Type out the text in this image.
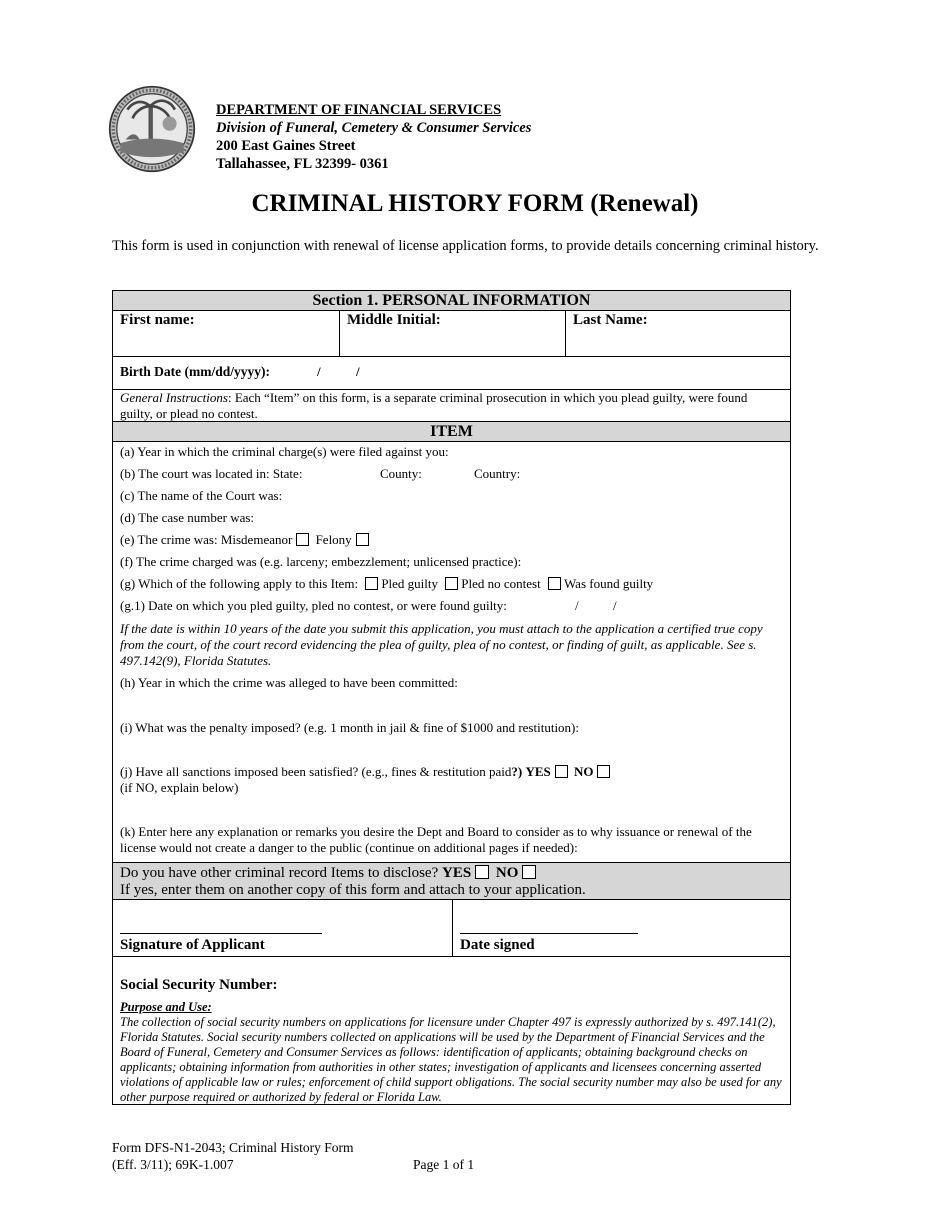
DEPARTMENT OF FINANCIAL SERVICES
Division of Funeral, Cemetery & Consumer Services
200 East Gaines Street
Tallahassee, FL 32399- 0361
CRIMINAL HISTORY FORM (Renewal)
This form is used in conjunction with renewal of license application forms, to provide details concerning criminal history.
Section 1. PERSONAL INFORMATION
First name:	Middle Initial:	Last Name:
Birth Date (mm/dd/yyyy):	/	/
General Instructions: Each “Item” on this form, is a separate criminal prosecution in which you plead guilty, were found guilty, or plead no contest.
ITEM
(a) Year in which the criminal charge(s) were filed against you:
(b) The court was located in: State:	County:	Country:
(c) The name of the Court was:
(d) The case number was:
(e) The crime was: Misdemeanor Felony
(f) The crime charged was (e.g. larceny; embezzlement; unlicensed practice):
(g) Which of the following apply to this Item: Pled guilty Pled no contest Was found guilty
(g.1) Date on which you pled guilty, pled no contest, or were found guilty:	/	/
If the date is within 10 years of the date you submit this application, you must attach to the application a certified true copy from the court, of the court record evidencing the plea of guilty, plea of no contest, or finding of guilt, as applicable. See s. 497.142(9), Florida Statutes.
(h) Year in which the crime was alleged to have been committed:
(i) What was the penalty imposed? (e.g. 1 month in jail & fine of $1000 and restitution):
(j) Have all sanctions imposed been satisfied? (e.g., fines & restitution paid?) YES NO
(if NO, explain below)
(k) Enter here any explanation or remarks you desire the Dept and Board to consider as to why issuance or renewal of the license would not create a danger to the public (continue on additional pages if needed):
Do you have other criminal record Items to disclose? YES NO
If yes, enter them on another copy of this form and attach to your application.
Signature of Applicant	Date signed
Social Security Number:
Purpose and Use:
The collection of social security numbers on applications for licensure under Chapter 497 is expressly authorized by s. 497.141(2), Florida Statutes. Social security numbers collected on applications will be used by the Department of Financial Services and the Board of Funeral, Cemetery and Consumer Services as follows: identification of applicants; obtaining background checks on applicants; obtaining information from authorities in other states; investigation of applicants and licensees concerning asserted violations of applicable law or rules; enforcement of child support obligations. The social security number may also be used for any other purpose required or authorized by federal or Florida Law.
Form DFS-N1-2043; Criminal History Form
(Eff. 3/11); 69K-1.007	Page 1 of 1
